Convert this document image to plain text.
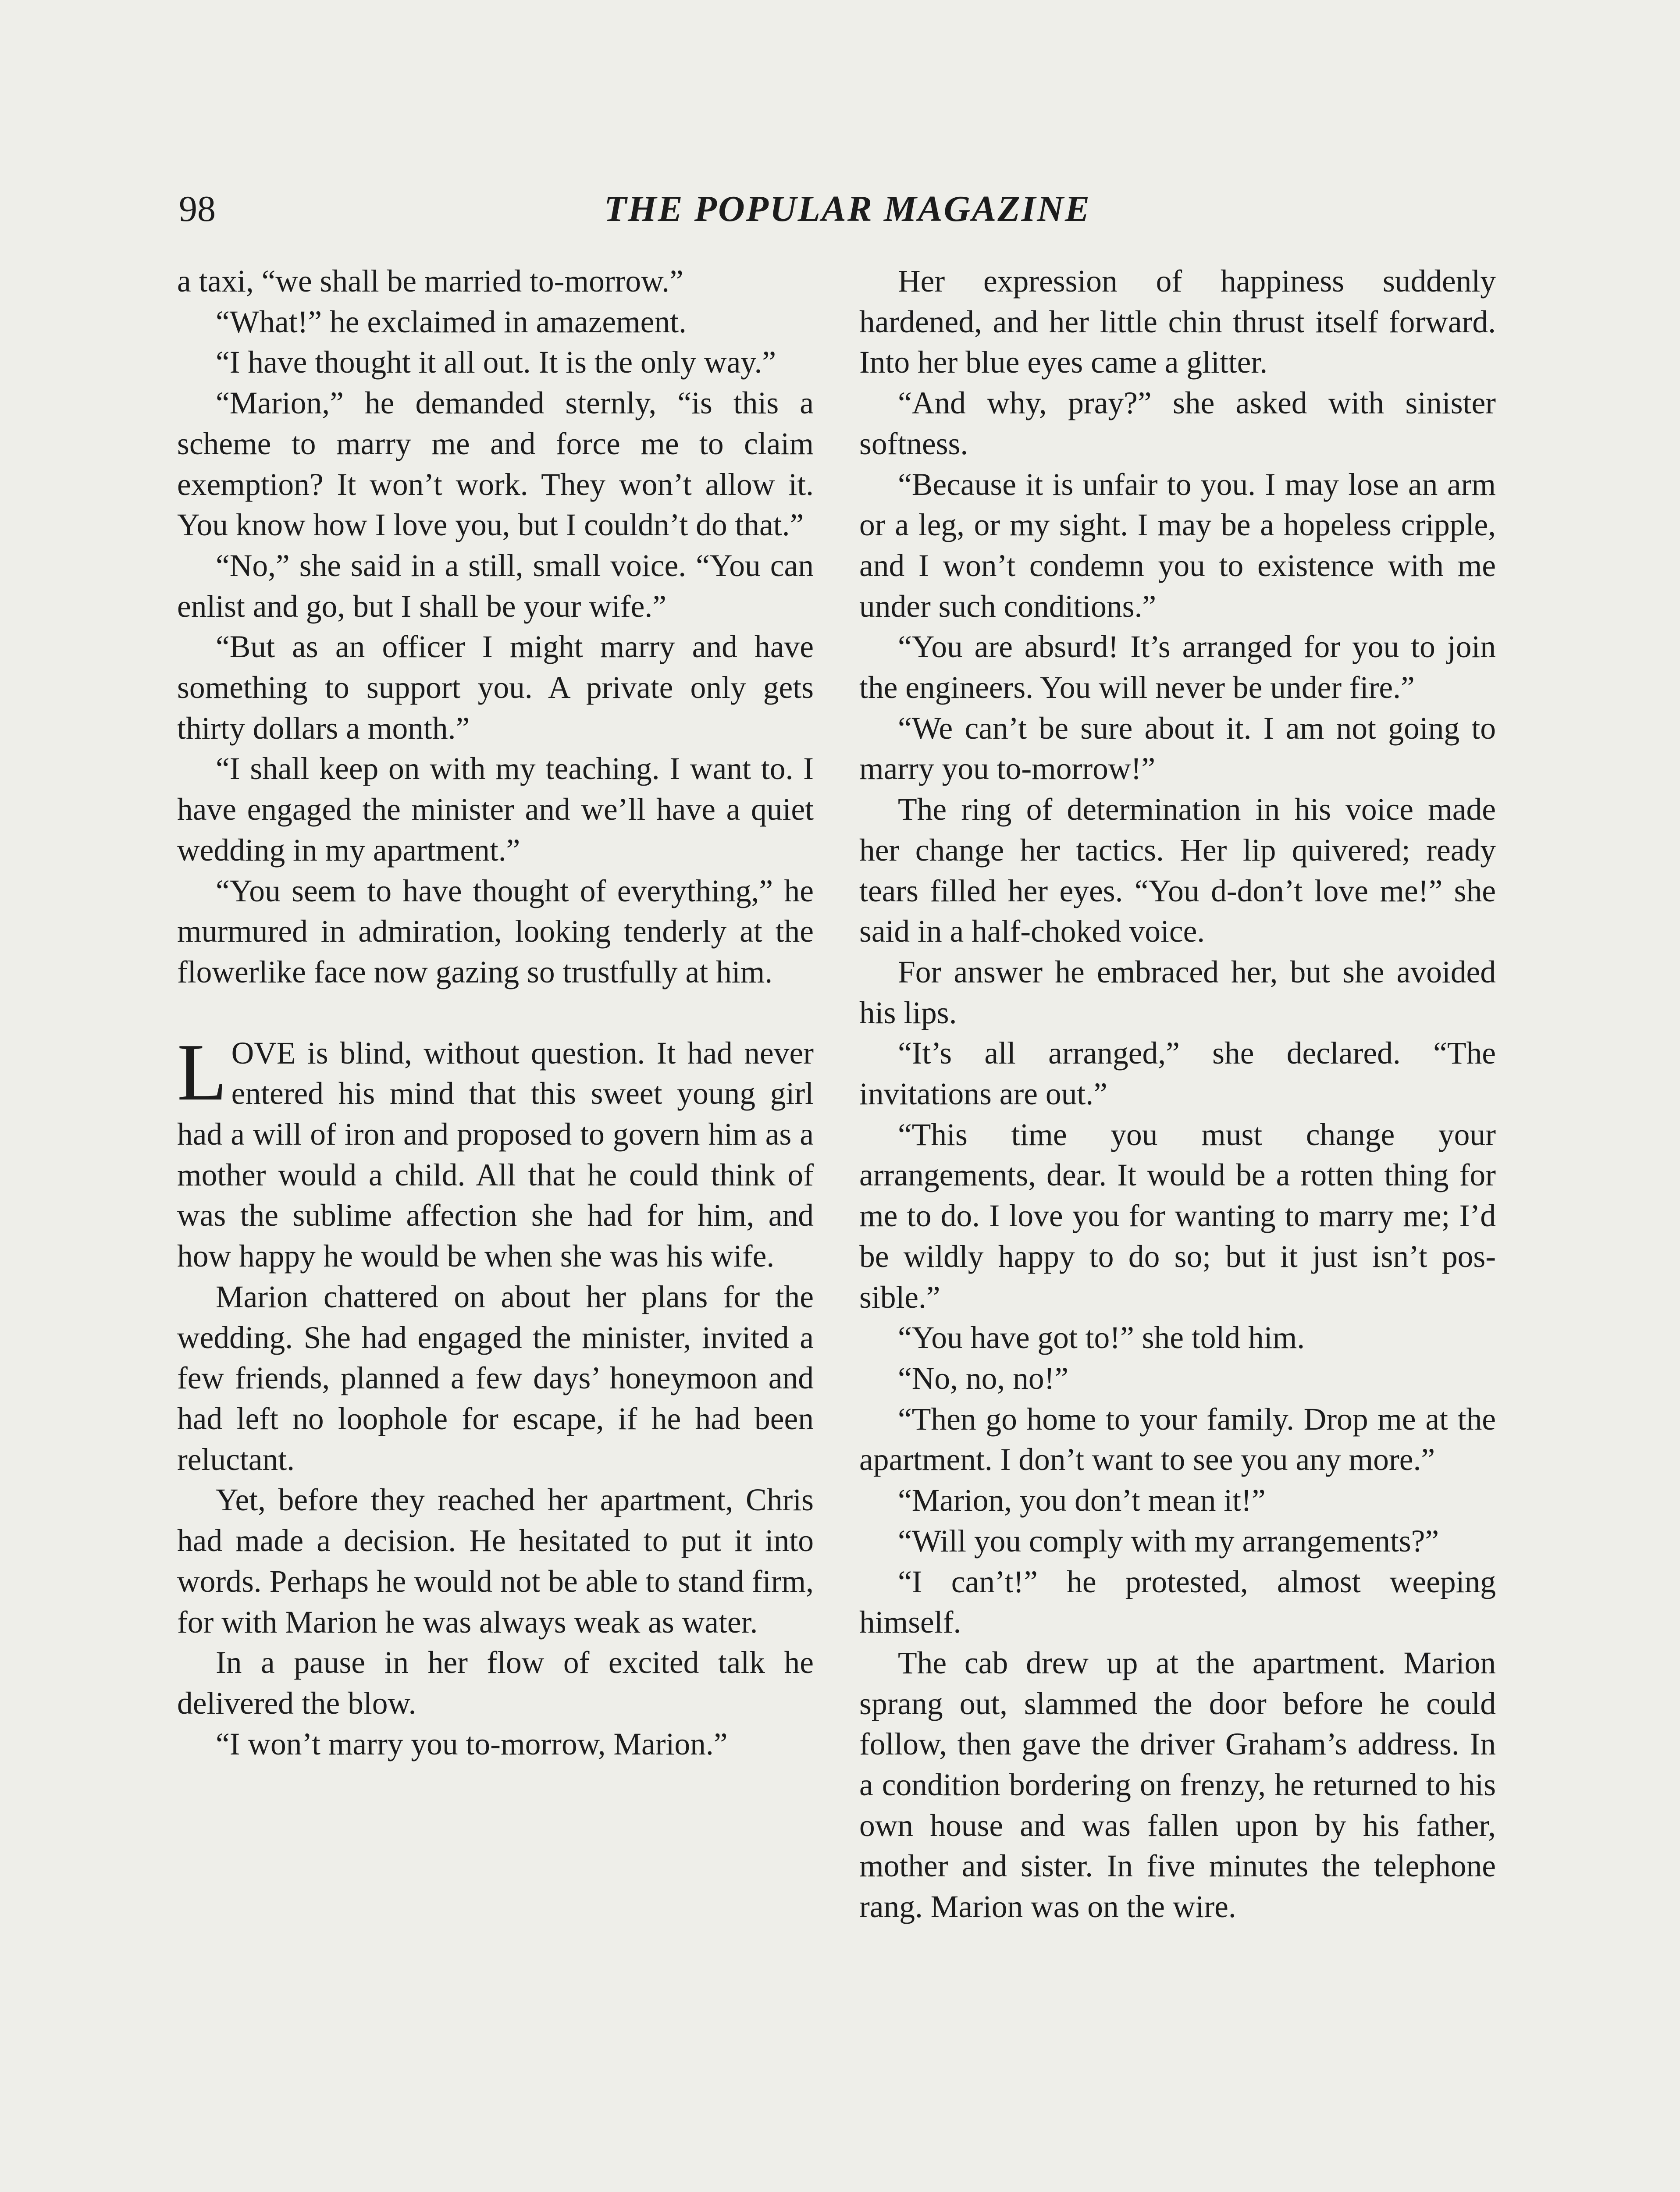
98	THE POPULAR MAGAZINE

a taxi, “we shall be married to-morrow.”

“What!” he exclaimed in amazement.

“I have thought it all out. It is the only way.”

“Marion,” he demanded sternly, “is this a scheme to marry me and force me to claim exemption? It won’t work. They won’t allow it. You know how I love you, but I couldn’t do that.”

“No,” she said in a still, small voice. “You can enlist and go, but I shall be your wife.”

“But as an officer I might marry and have something to support you. A private only gets thirty dollars a month.”

“I shall keep on with my teaching. I want to. I have engaged the minister and we’ll have a quiet wedding in my apartment.”

“You seem to have thought of everything,” he murmured in admiration, looking tenderly at the flowerlike face now gazing so trustfully at him.

LOVE is blind, without question. It had never entered his mind that this sweet young girl had a will of iron and proposed to govern him as a mother would a child. All that he could think of was the sublime affection she had for him, and how happy he would be when she was his wife.

Marion chattered on about her plans for the wedding. She had engaged the minister, invited a few friends, planned a few days’ honeymoon and had left no loophole for escape, if he had been reluctant.

Yet, before they reached her apartment, Chris had made a decision. He hesitated to put it into words. Perhaps he would not be able to stand firm, for with Marion he was always weak as water.

In a pause in her flow of excited talk he delivered the blow.

“I won’t marry you to-morrow, Marion.”

Her expression of happiness suddenly hardened, and her little chin thrust itself forward. Into her blue eyes came a glitter.

“And why, pray?” she asked with sinister softness.

“Because it is unfair to you. I may lose an arm or a leg, or my sight. I may be a hopeless cripple, and I won’t condemn you to existence with me under such conditions.”

“You are absurd! It’s arranged for you to join the engineers. You will never be under fire.”

“We can’t be sure about it. I am not going to marry you to-morrow!”

The ring of determination in his voice made her change her tactics. Her lip quivered; ready tears filled her eyes. “You d-don’t love me!” she said in a half-choked voice.

For answer he embraced her, but she avoided his lips.

“It’s all arranged,” she declared. “The invitations are out.”

“This time you must change your arrangements, dear. It would be a rotten thing for me to do. I love you for wanting to marry me; I’d be wildly happy to do so; but it just isn’t possible.”

“You have got to!” she told him.

“No, no, no!”

“Then go home to your family. Drop me at the apartment. I don’t want to see you any more.”

“Marion, you don’t mean it!”

“Will you comply with my arrangements?”

“I can’t!” he protested, almost weeping himself.

The cab drew up at the apartment. Marion sprang out, slammed the door before he could follow, then gave the driver Graham’s address. In a condition bordering on frenzy, he returned to his own house and was fallen upon by his father, mother and sister. In five minutes the telephone rang. Marion was on the wire.
